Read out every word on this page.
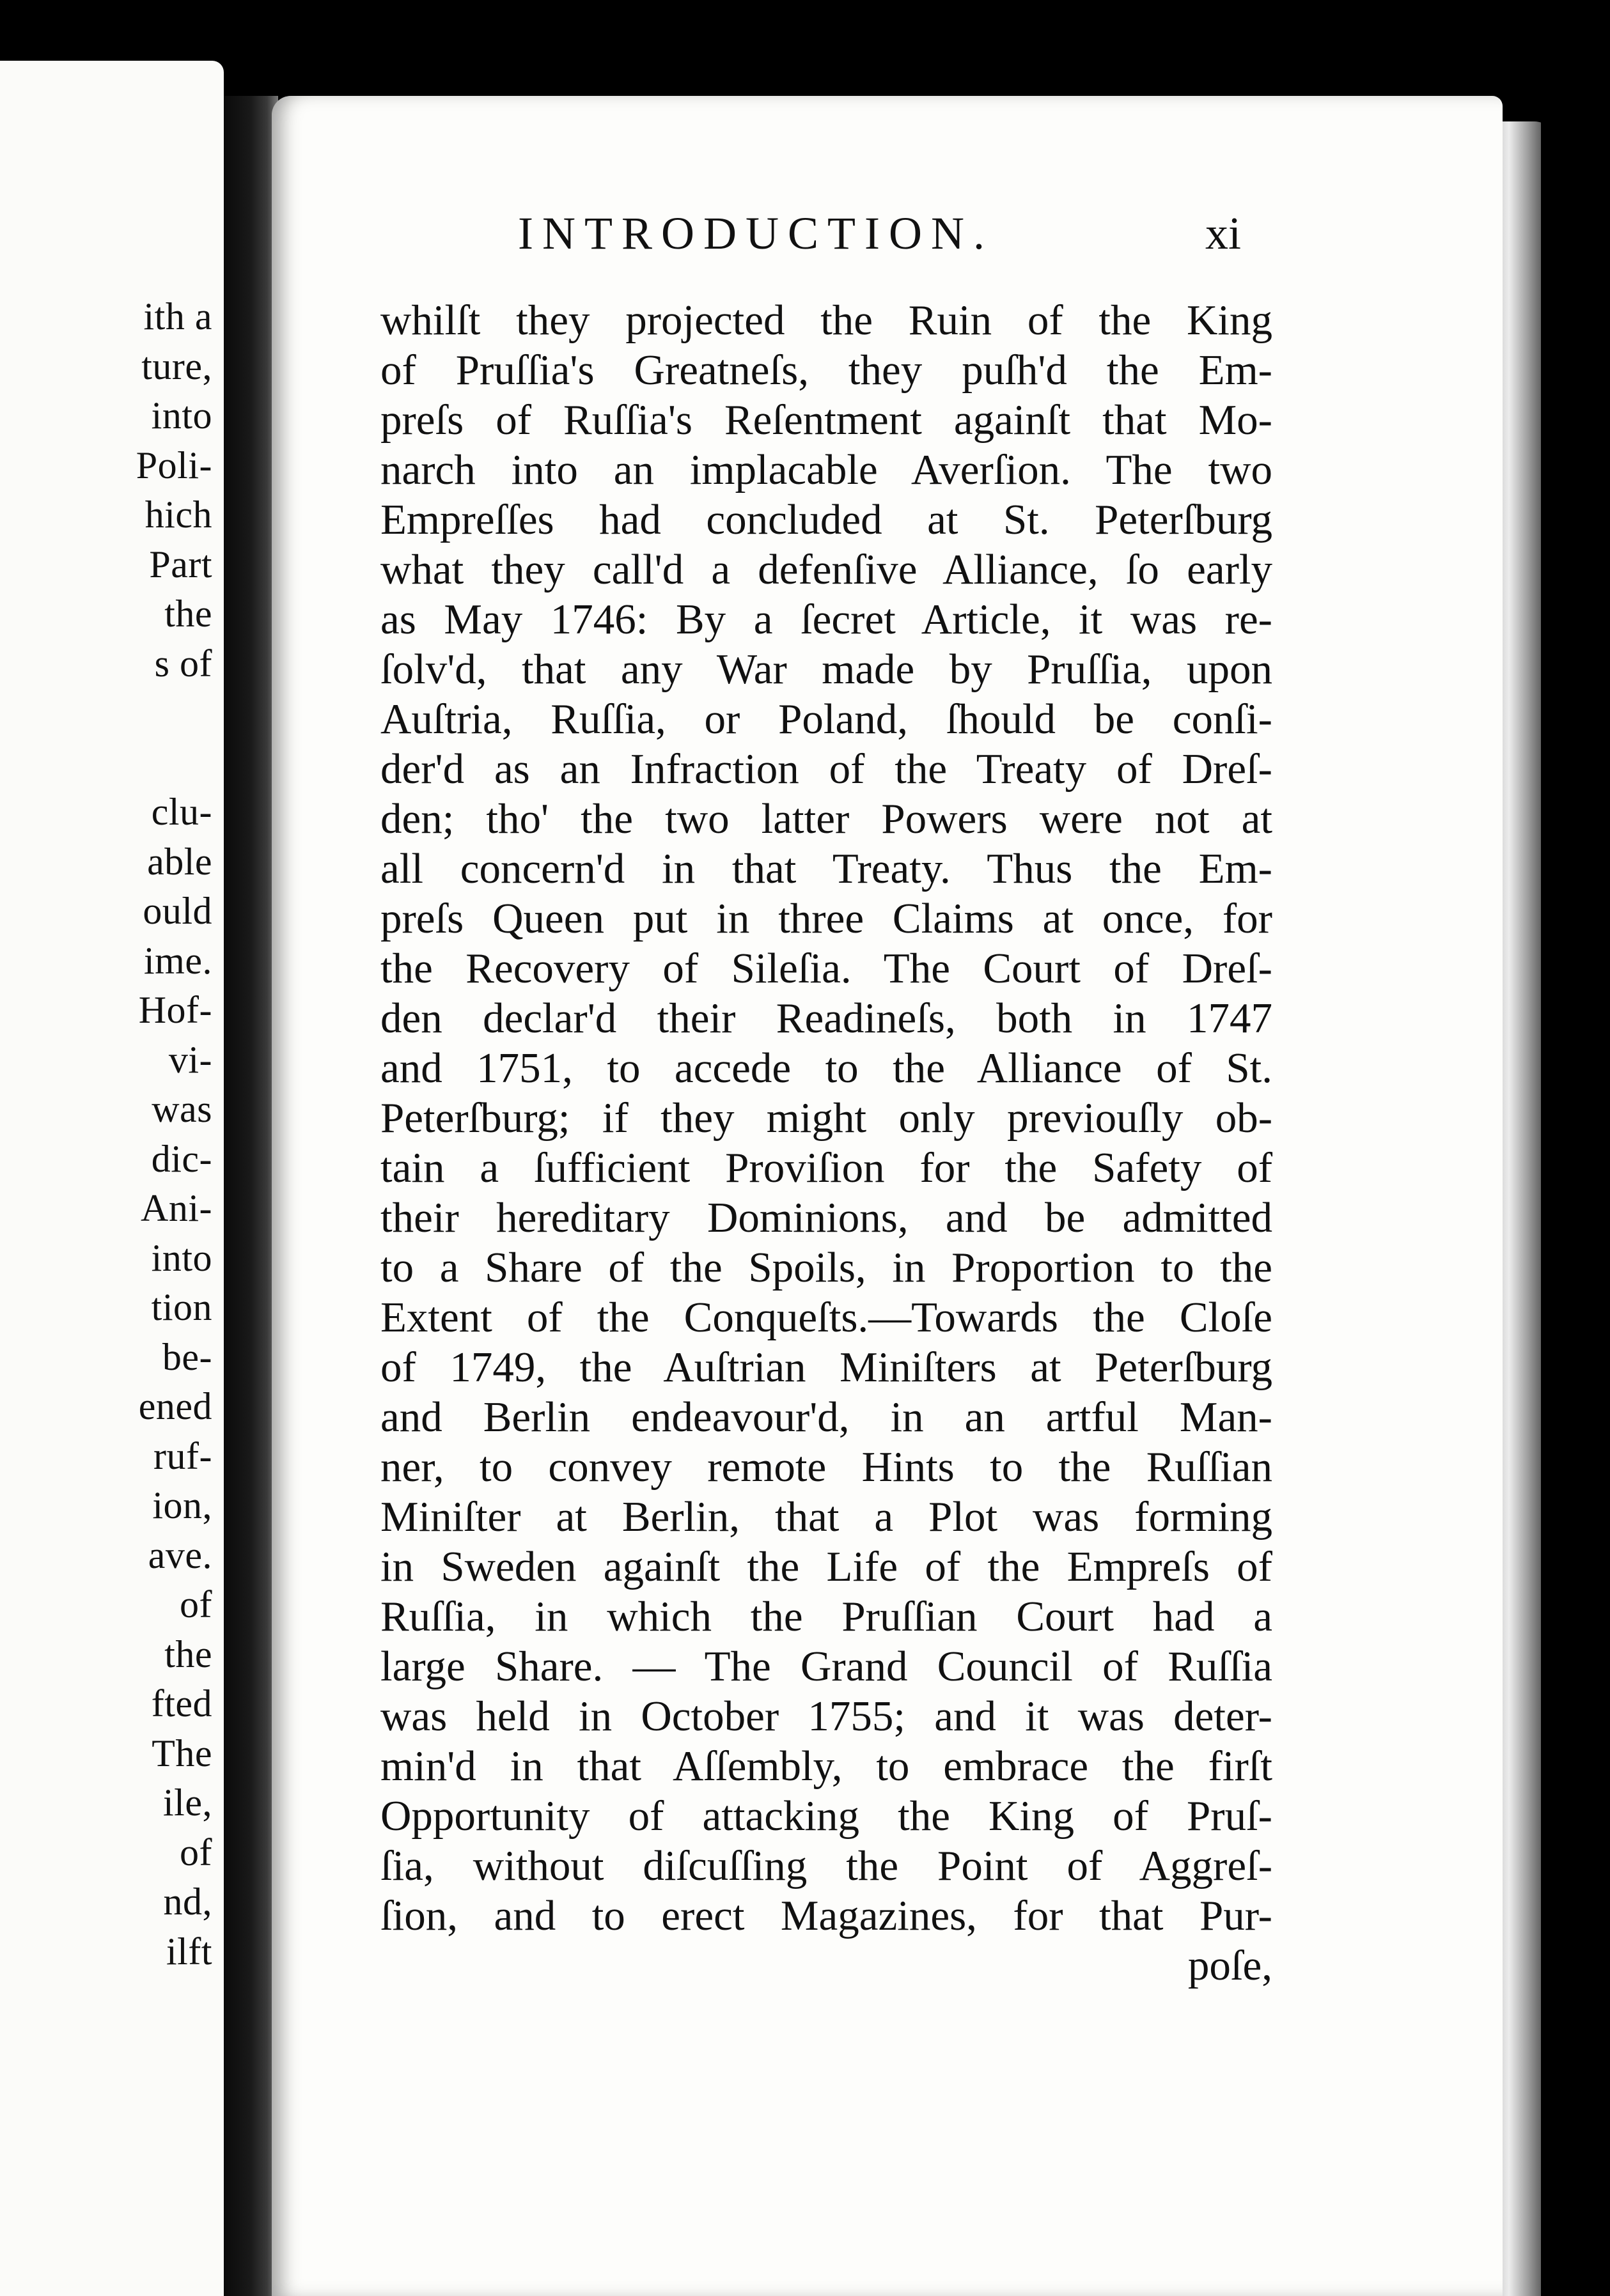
ith a
ture,
into
Poli-
hich
Part
the
s of
clu-
able
ould
ime.
Hof-
vi-
was
dic-
Ani-
into
tion
be-
ened
ruf-
ion,
ave.
of
the
fted
The
ile,
of
nd,
ilft
INTRODUCTION.	xi
whilſt they projected the Ruin of the King
of Pruſſia's Greatneſs, they puſh'd the Em-
preſs of Ruſſia's Reſentment againſt that Mo-
narch into an implacable Averſion. The two
Empreſſes had concluded at St. Peterſburg
what they call'd a defenſive Alliance, ſo early
as May 1746: By a ſecret Article, it was re-
ſolv'd, that any War made by Pruſſia, upon
Auſtria, Ruſſia, or Poland, ſhould be conſi-
der'd as an Infraction of the Treaty of Dreſ-
den; tho' the two latter Powers were not at
all concern'd in that Treaty. Thus the Em-
preſs Queen put in three Claims at once, for
the Recovery of Sileſia. The Court of Dreſ-
den declar'd their Readineſs, both in 1747
and 1751, to accede to the Alliance of St.
Peterſburg; if they might only previouſly ob-
tain a ſufficient Proviſion for the Safety of
their hereditary Dominions, and be admitted
to a Share of the Spoils, in Proportion to the
Extent of the Conqueſts.—Towards the Cloſe
of 1749, the Auſtrian Miniſters at Peterſburg
and Berlin endeavour'd, in an artful Man-
ner, to convey remote Hints to the Ruſſian
Miniſter at Berlin, that a Plot was forming
in Sweden againſt the Life of the Empreſs of
Ruſſia, in which the Pruſſian Court had a
large Share. — The Grand Council of Ruſſia
was held in October 1755; and it was deter-
min'd in that Aſſembly, to embrace the firſt
Opportunity of attacking the King of Pruſ-
ſia, without diſcuſſing the Point of Aggreſ-
ſion, and to erect Magazines, for that Pur-
poſe,
